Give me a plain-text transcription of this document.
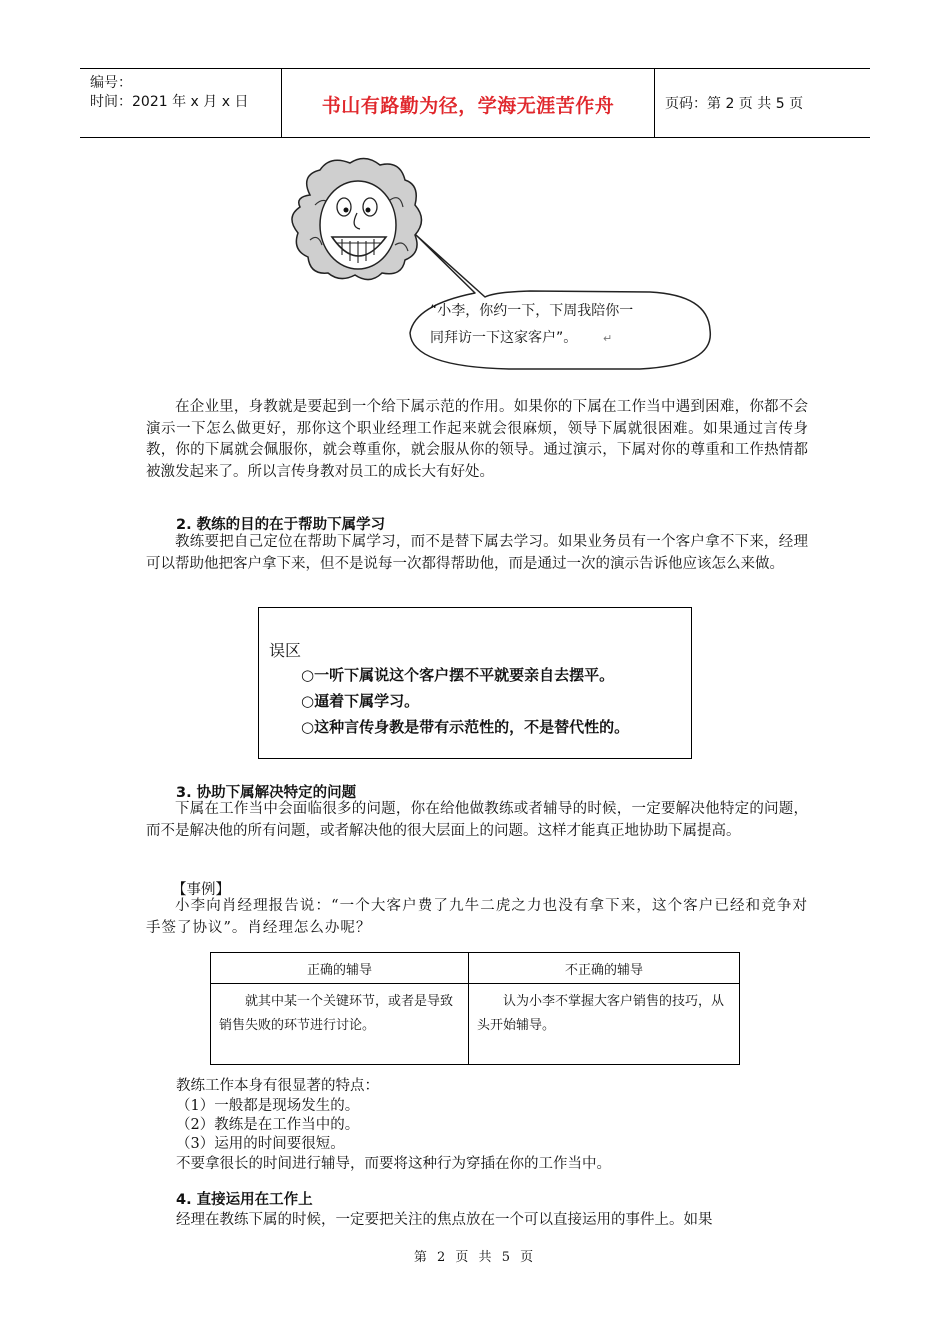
编号：
时间：2021 年 x 月 x 日	书山有路勤为径，学海无涯苦作舟	页码：第 2 页 共 5 页
“小李，你约一下，下周我陪你一
同拜访一下这家客户”。 ↵
在企业里，身教就是要起到一个给下属示范的作用。如果你的下属在工作当中遇到困难，你都不会演示一下怎么做更好，那你这个职业经理工作起来就会很麻烦，领导下属就很困难。如果通过言传身教，你的下属就会佩服你，就会尊重你，就会服从你的领导。通过演示，下属对你的尊重和工作热情都被激发起来了。所以言传身教对员工的成长大有好处。
2. 教练的目的在于帮助下属学习
教练要把自己定位在帮助下属学习，而不是替下属去学习。如果业务员有一个客户拿不下来，经理可以帮助他把客户拿下来，但不是说每一次都得帮助他，而是通过一次的演示告诉他应该怎么来做。
误区
○一听下属说这个客户摆不平就要亲自去摆平。
○逼着下属学习。
○这种言传身教是带有示范性的，不是替代性的。
3. 协助下属解决特定的问题
下属在工作当中会面临很多的问题，你在给他做教练或者辅导的时候，一定要解决他特定的问题，而不是解决他的所有问题，或者解决他的很大层面上的问题。这样才能真正地协助下属提高。
【事例】
小李向肖经理报告说：“一个大客户费了九牛二虎之力也没有拿下来，这个客户已经和竞争对手签了协议”。肖经理怎么办呢？
正确的辅导	不正确的辅导
就其中某一个关键环节，或者是导致销售失败的环节进行讨论。	认为小李不掌握大客户销售的技巧，从头开始辅导。
教练工作本身有很显著的特点：
（1）一般都是现场发生的。
（2）教练是在工作当中的。
（3）运用的时间要很短。
不要拿很长的时间进行辅导，而要将这种行为穿插在你的工作当中。
4. 直接运用在工作上
经理在教练下属的时候，一定要把关注的焦点放在一个可以直接运用的事件上。如果
第 2 页 共 5 页
